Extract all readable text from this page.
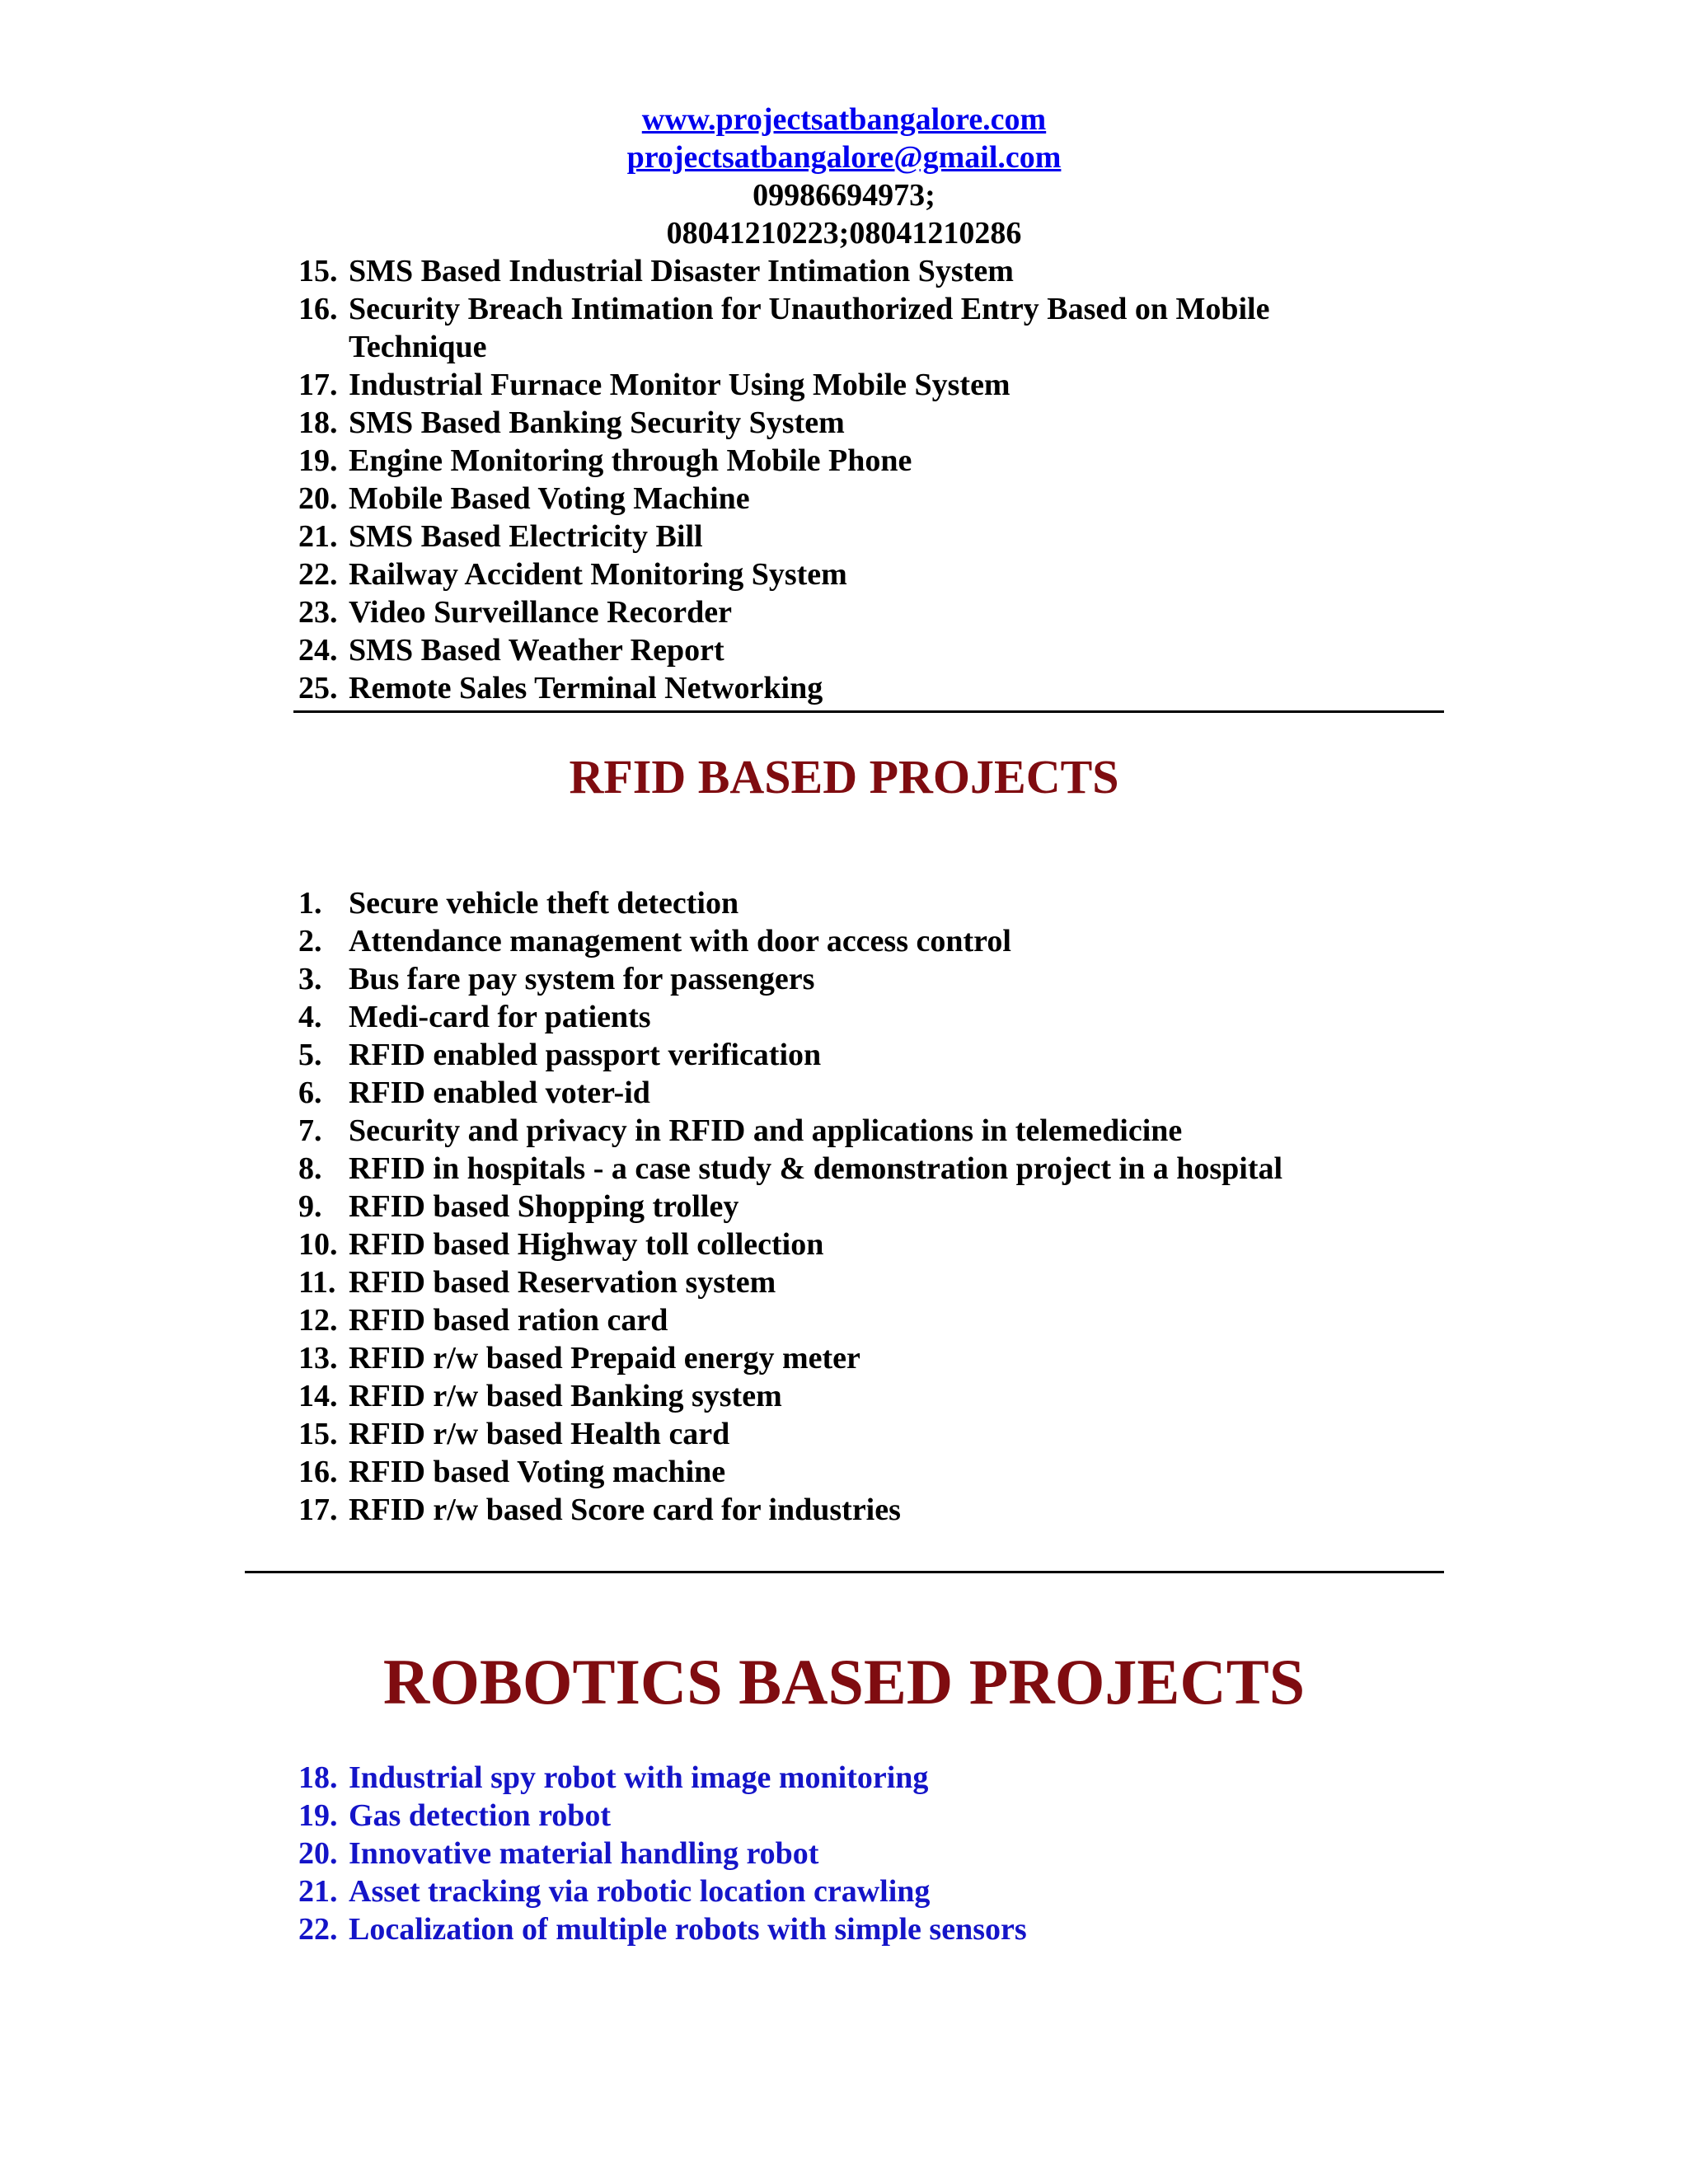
www.projectsatbangalore.com
projectsatbangalore@gmail.com
09986694973;
08041210223;08041210286
15. SMS Based Industrial Disaster Intimation System
16. Security Breach Intimation for Unauthorized Entry Based on Mobile
Technique
17. Industrial Furnace Monitor Using Mobile System
18. SMS Based Banking Security System
19. Engine Monitoring through Mobile Phone
20. Mobile Based Voting Machine
21. SMS Based Electricity Bill
22. Railway Accident Monitoring System
23. Video Surveillance Recorder
24. SMS Based Weather Report
25. Remote Sales Terminal Networking
RFID BASED PROJECTS
1. Secure vehicle theft detection
2. Attendance management with door access control
3. Bus fare pay system for passengers
4. Medi-card for patients
5. RFID enabled passport verification
6. RFID enabled voter-id
7. Security and privacy in RFID and applications in telemedicine
8. RFID in hospitals - a case study & demonstration project in a hospital
9. RFID based Shopping trolley
10. RFID based Highway toll collection
11. RFID based Reservation system
12. RFID based ration card
13. RFID r/w based Prepaid energy meter
14. RFID r/w based Banking system
15. RFID r/w based Health card
16. RFID based Voting machine
17. RFID r/w based Score card for industries
ROBOTICS BASED PROJECTS
18. Industrial spy robot with image monitoring
19. Gas detection robot
20. Innovative material handling robot
21. Asset tracking via robotic location crawling
22. Localization of multiple robots with simple sensors
